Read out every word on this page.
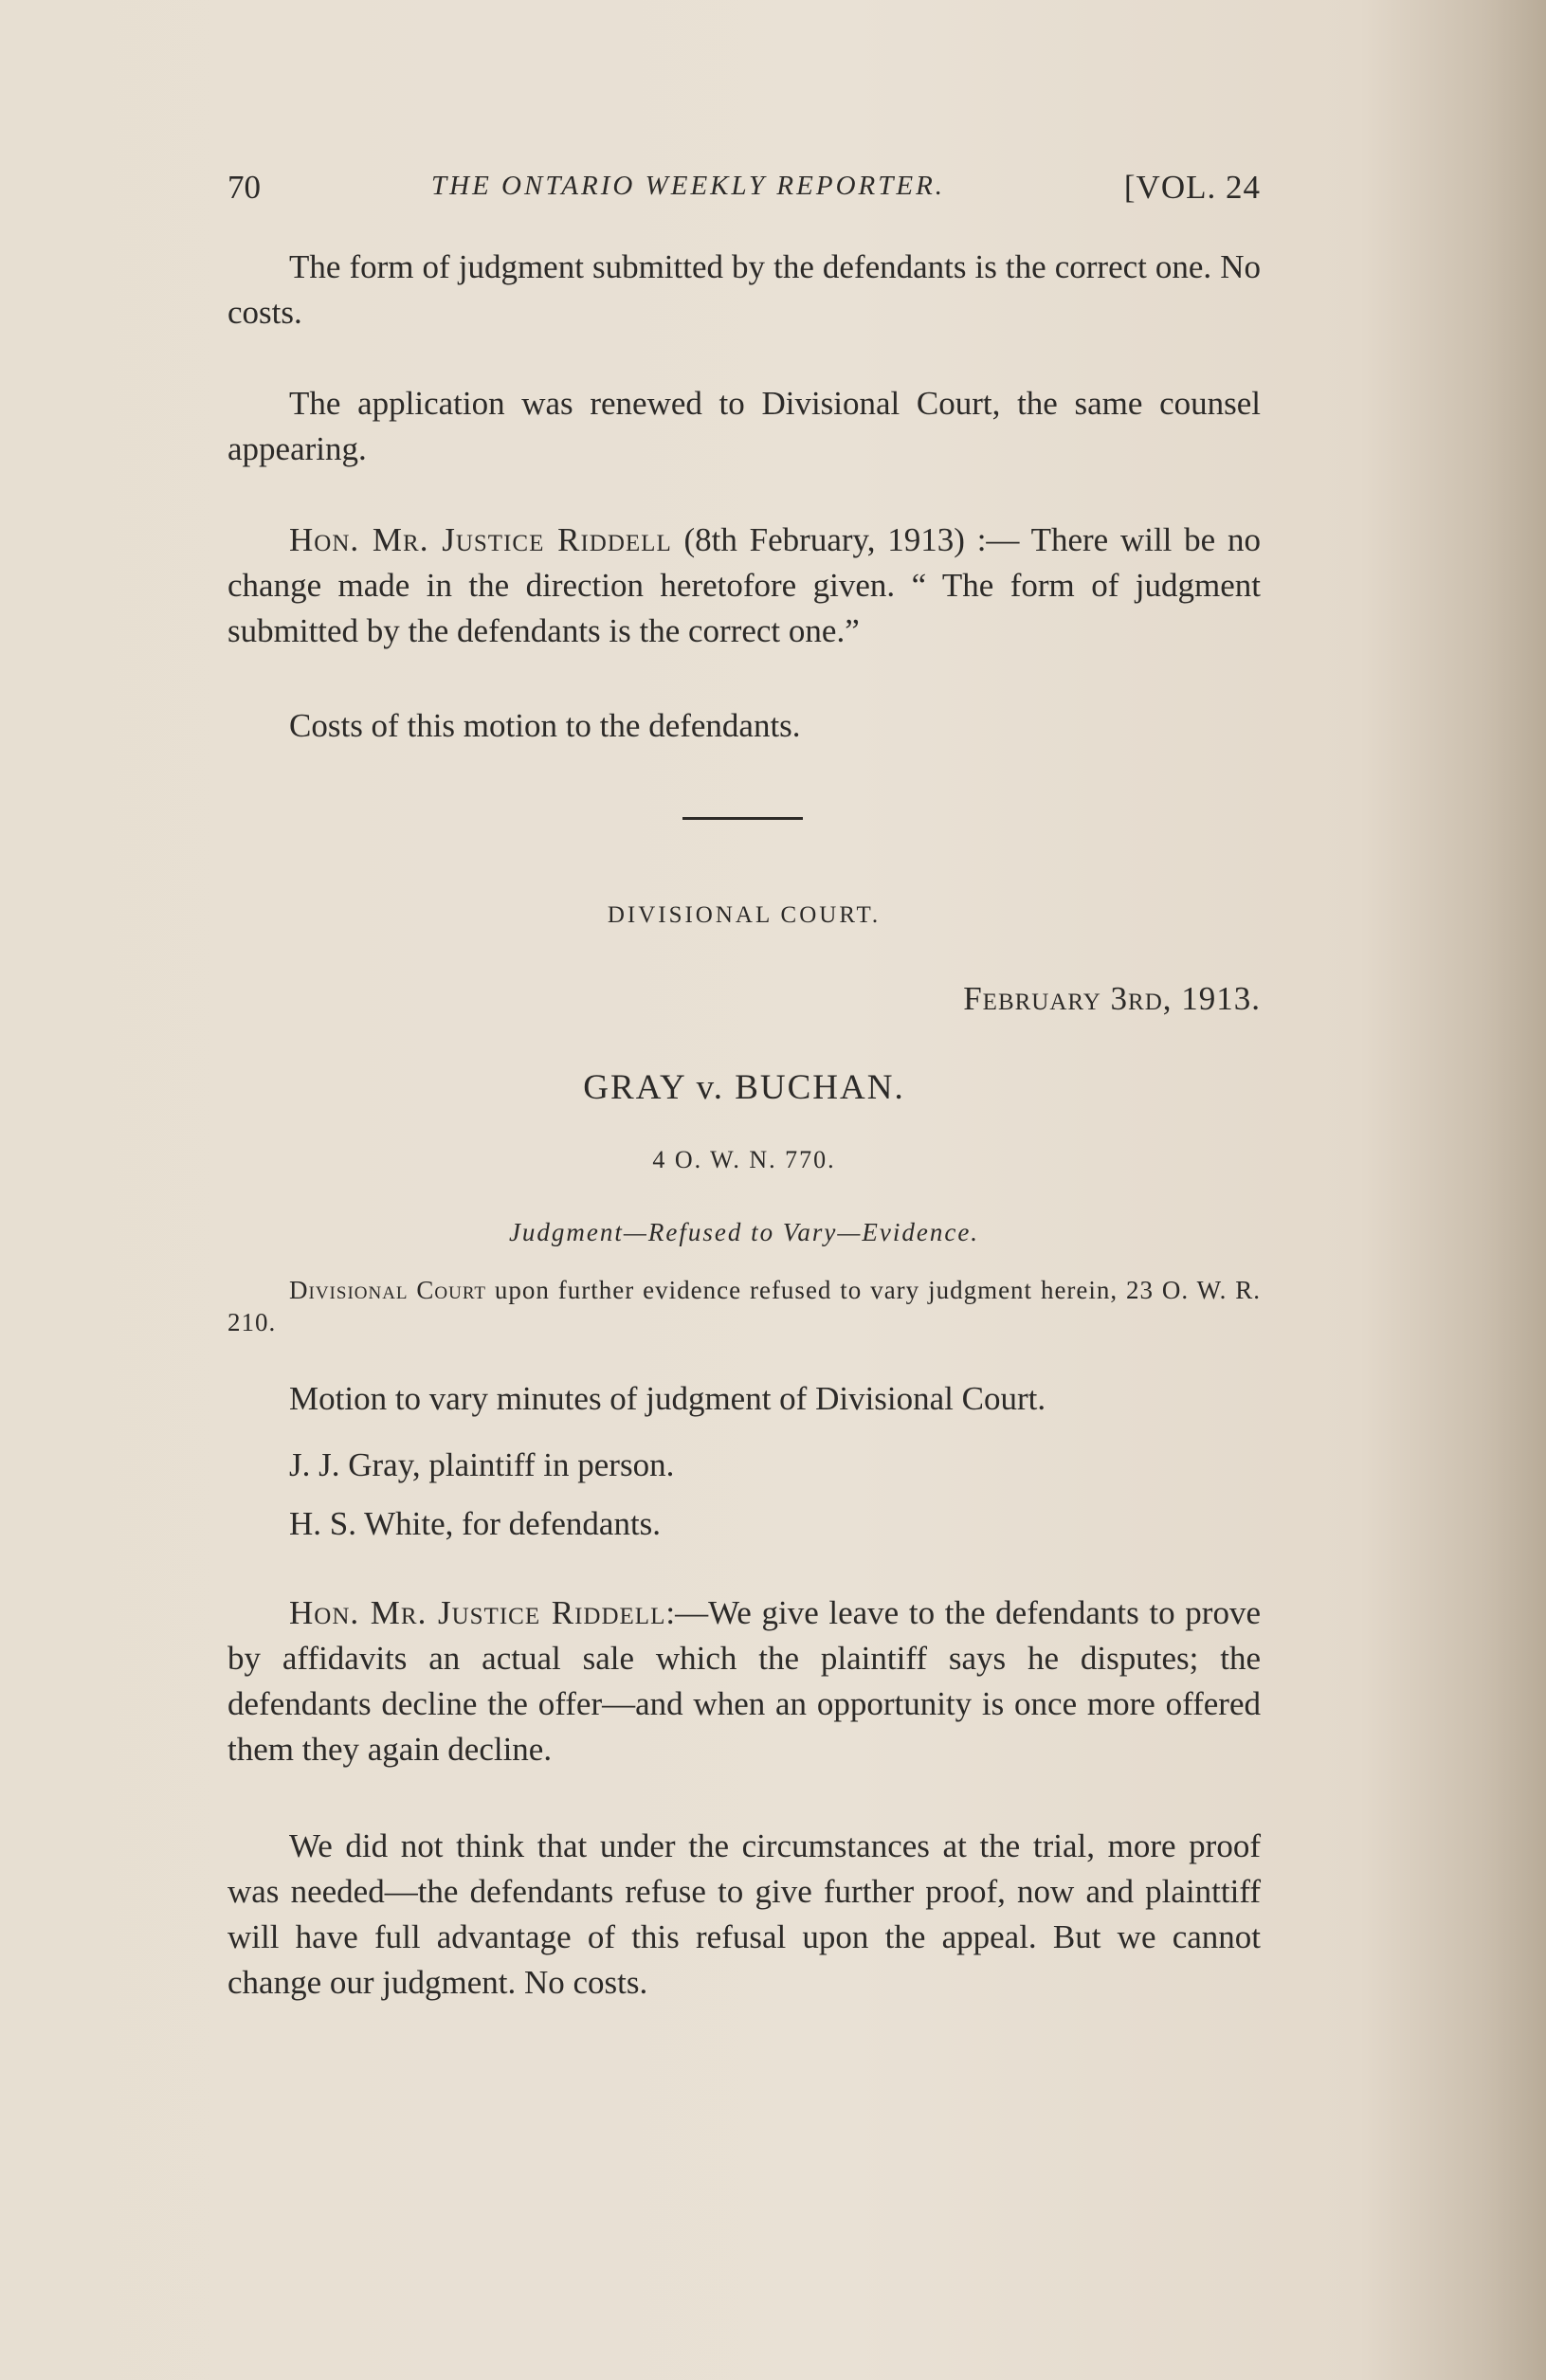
70	THE ONTARIO WEEKLY REPORTER.	[VOL. 24

The form of judgment submitted by the defendants is the correct one. No costs.

The application was renewed to Divisional Court, the same counsel appearing.

Hon. Mr. Justice Riddell (8th February, 1913) :— There will be no change made in the direction heretofore given. “ The form of judgment submitted by the defendants is the correct one.”

Costs of this motion to the defendants.

DIVISIONAL COURT.

February 3rd, 1913.

GRAY v. BUCHAN.

4 O. W. N. 770.

Judgment—Refused to Vary—Evidence.

Divisional Court upon further evidence refused to vary judgment herein, 23 O. W. R. 210.

Motion to vary minutes of judgment of Divisional Court.

J. J. Gray, plaintiff in person.

H. S. White, for defendants.

Hon. Mr. Justice Riddell:—We give leave to the defendants to prove by affidavits an actual sale which the plaintiff says he disputes; the defendants decline the offer—and when an opportunity is once more offered them they again decline.

We did not think that under the circumstances at the trial, more proof was needed—the defendants refuse to give further proof, now and plainttiff will have full advantage of this refusal upon the appeal. But we cannot change our judgment. No costs.
